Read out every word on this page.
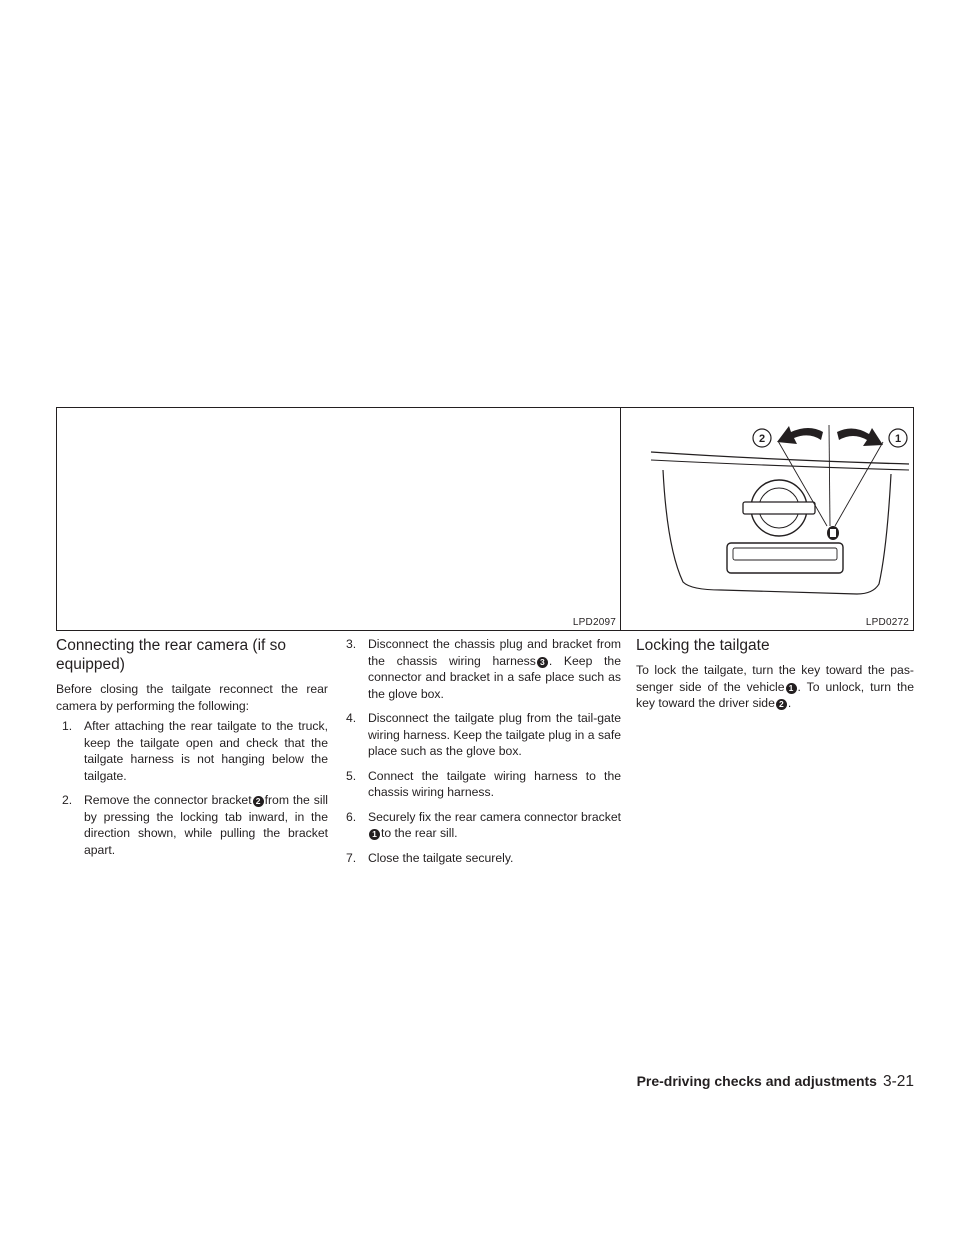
LPD2097
2	1
LPD0272
Connecting the rear camera (if so equipped)

Before closing the tailgate reconnect the rear camera by performing the following:

1. After attaching the rear tailgate to the truck, keep the tailgate open and check that the tailgate harness is not hanging below the tailgate.
2. Remove the connector bracket 2 from the sill by pressing the locking tab inward, in the direction shown, while pulling the bracket apart.
3. Disconnect the chassis plug and bracket from the chassis wiring harness 3 . Keep the connector and bracket in a safe place such as the glove box.
4. Disconnect the tailgate plug from the tail-gate wiring harness. Keep the tailgate plug in a safe place such as the glove box.
5. Connect the tailgate wiring harness to the chassis wiring harness.
6. Securely fix the rear camera connector bracket1 to the rear sill.
7. Close the tailgate securely.
Locking the tailgate

To lock the tailgate, turn the key toward the pas-senger side of the vehicle 1 . To unlock, turn the key toward the driver side 2 .

Pre-driving checks and adjustments 3-21
